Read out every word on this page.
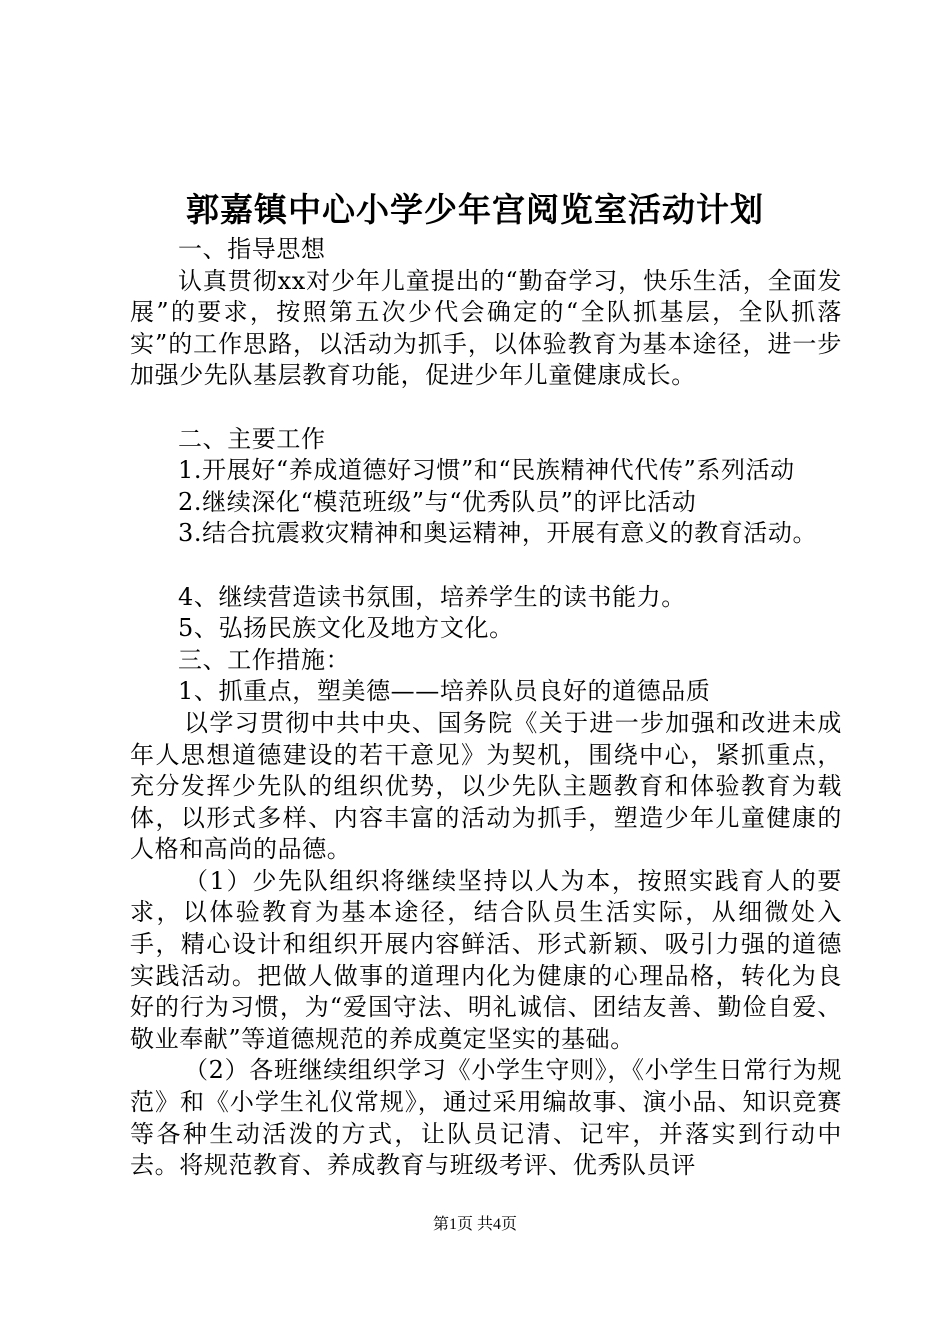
郭嘉镇中心小学少年宫阅览室活动计划

一、指导思想

认真贯彻xx对少年儿童提出的“勤奋学习，快乐生活，全面发展”的要求，按照第五次少代会确定的“全队抓基层，全队抓落实”的工作思路，以活动为抓手，以体验教育为基本途径，进一步加强少先队基层教育功能，促进少年儿童健康成长。

二、主要工作

1.开展好“养成道德好习惯”和“民族精神代代传”系列活动

2.继续深化“模范班级”与“优秀队员”的评比活动

3.结合抗震救灾精神和奥运精神，开展有意义的教育活动。

4、继续营造读书氛围，培养学生的读书能力。

5、弘扬民族文化及地方文化。

三、工作措施：

1、抓重点，塑美德——培养队员良好的道德品质

以学习贯彻中共中央、国务院《关于进一步加强和改进未成年人思想道德建设的若干意见》为契机，围绕中心，紧抓重点，充分发挥少先队的组织优势，以少先队主题教育和体验教育为载体，以形式多样、内容丰富的活动为抓手，塑造少年儿童健康的人格和高尚的品德。

（1）少先队组织将继续坚持以人为本，按照实践育人的要求，以体验教育为基本途径，结合队员生活实际，从细微处入手，精心设计和组织开展内容鲜活、形式新颖、吸引力强的道德实践活动。把做人做事的道理内化为健康的心理品格，转化为良好的行为习惯，为“爱国守法、明礼诚信、团结友善、勤俭自爱、敬业奉献”等道德规范的养成奠定坚实的基础。

（2）各班继续组织学习《小学生守则》，《小学生日常行为规范》和《小学生礼仪常规》，通过采用编故事、演小品、知识竞赛等各种生动活泼的方式，让队员记清、记牢，并落实到行动中去。将规范教育、养成教育与班级考评、优秀队员评

第1页 共4页
